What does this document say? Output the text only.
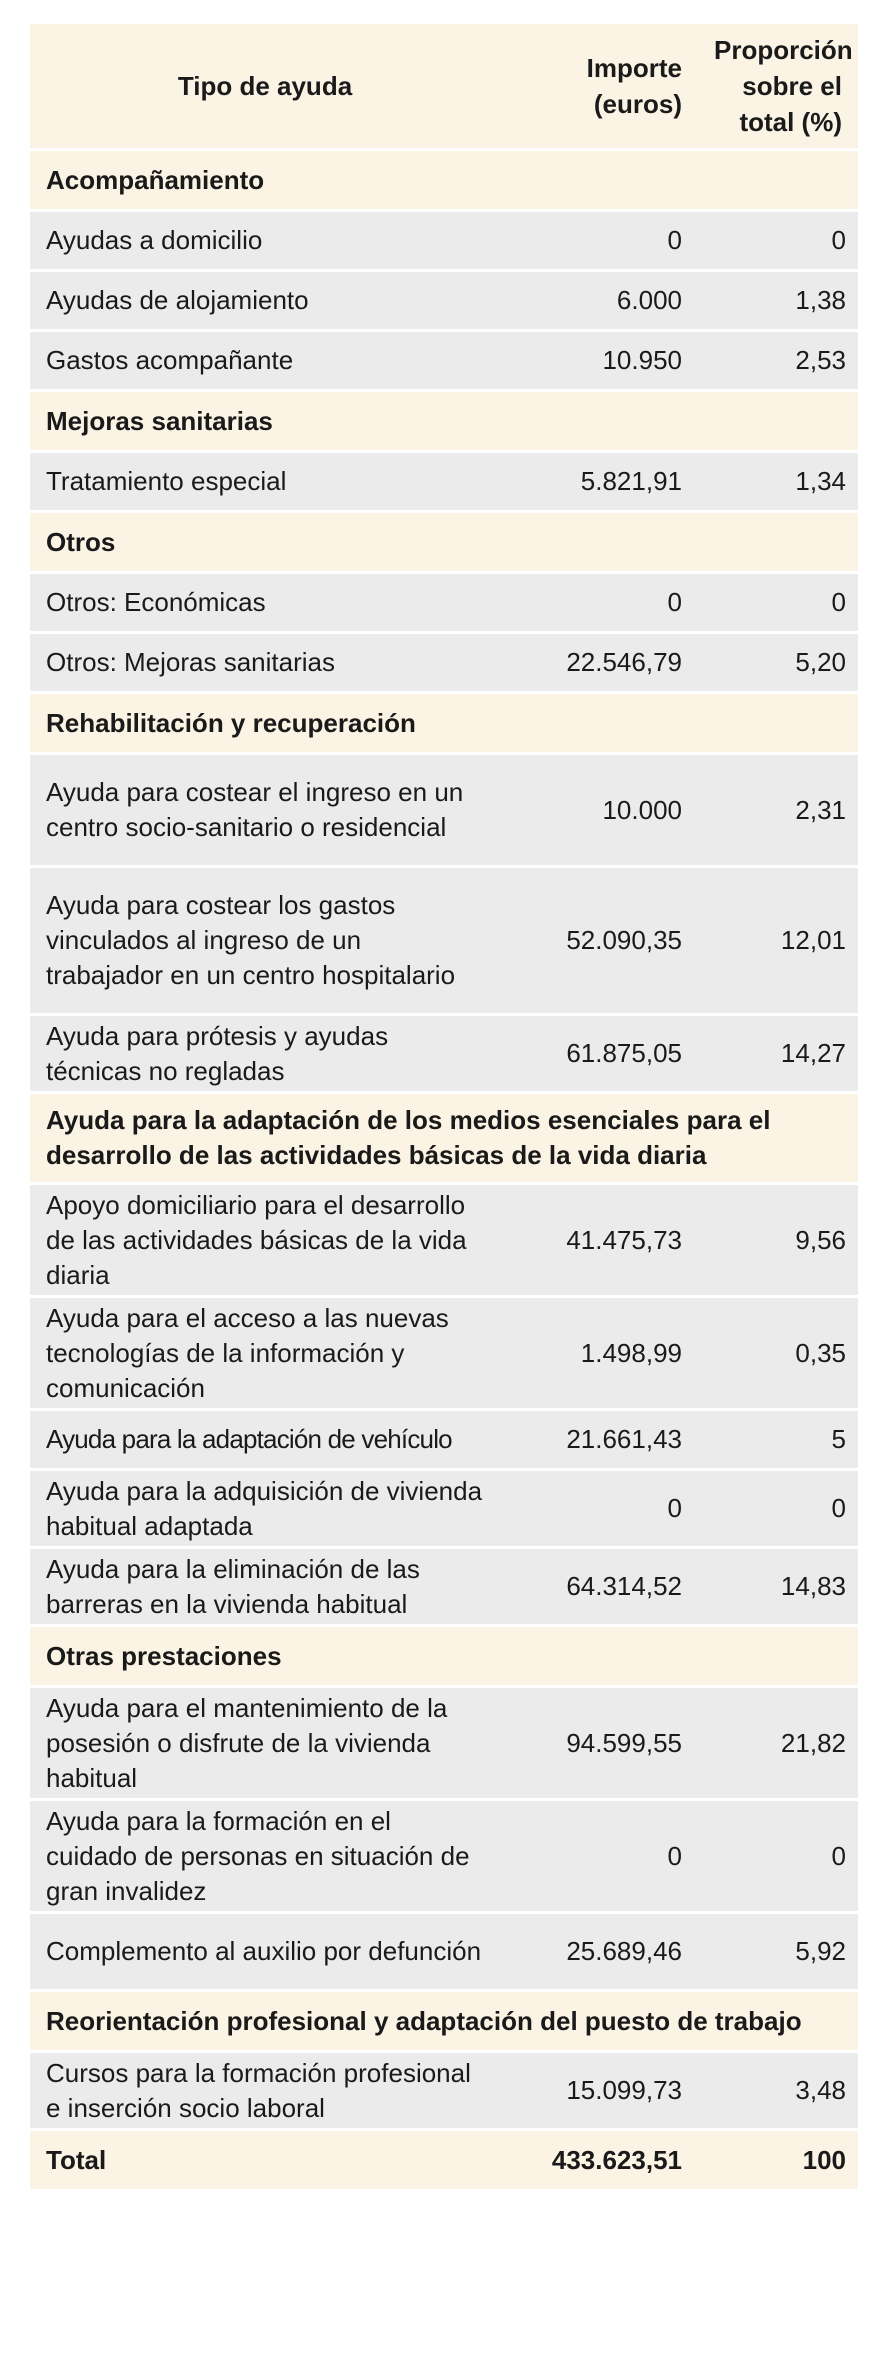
Tipo de ayuda	Importe (euros)	Proporción sobre el total (%)
Acompañamiento		
Ayudas a domicilio	0	0
Ayudas de alojamiento	6.000	1,38
Gastos acompañante	10.950	2,53
Mejoras sanitarias		
Tratamiento especial	5.821,91	1,34
Otros		
Otros: Económicas	0	0
Otros: Mejoras sanitarias	22.546,79	5,20
Rehabilitación y recuperación		
Ayuda para costear el ingreso en un centro socio-sanitario o residencial	10.000	2,31
Ayuda para costear los gastos vinculados al ingreso de un trabajador en un centro hospitalario	52.090,35	12,01
Ayuda para prótesis y ayudas técnicas no regladas	61.875,05	14,27
Ayuda para la adaptación de los medios esenciales para el desarrollo de las actividades básicas de la vida diaria		
Apoyo domiciliario para el desarrollo de las actividades básicas de la vida diaria	41.475,73	9,56
Ayuda para el acceso a las nuevas tecnologías de la información y comunicación	1.498,99	0,35
Ayuda para la adaptación de vehículo	21.661,43	5
Ayuda para la adquisición de vivienda habitual adaptada	0	0
Ayuda para la eliminación de las barreras en la vivienda habitual	64.314,52	14,83
Otras prestaciones		
Ayuda para el mantenimiento de la posesión o disfrute de la vivienda habitual	94.599,55	21,82
Ayuda para la formación en el cuidado de personas en situación de gran invalidez	0	0
Complemento al auxilio por defunción	25.689,46	5,92
Reorientación profesional y adaptación del puesto de trabajo		
Cursos para la formación profesional e inserción socio laboral	15.099,73	3,48
Total	433.623,51	100
